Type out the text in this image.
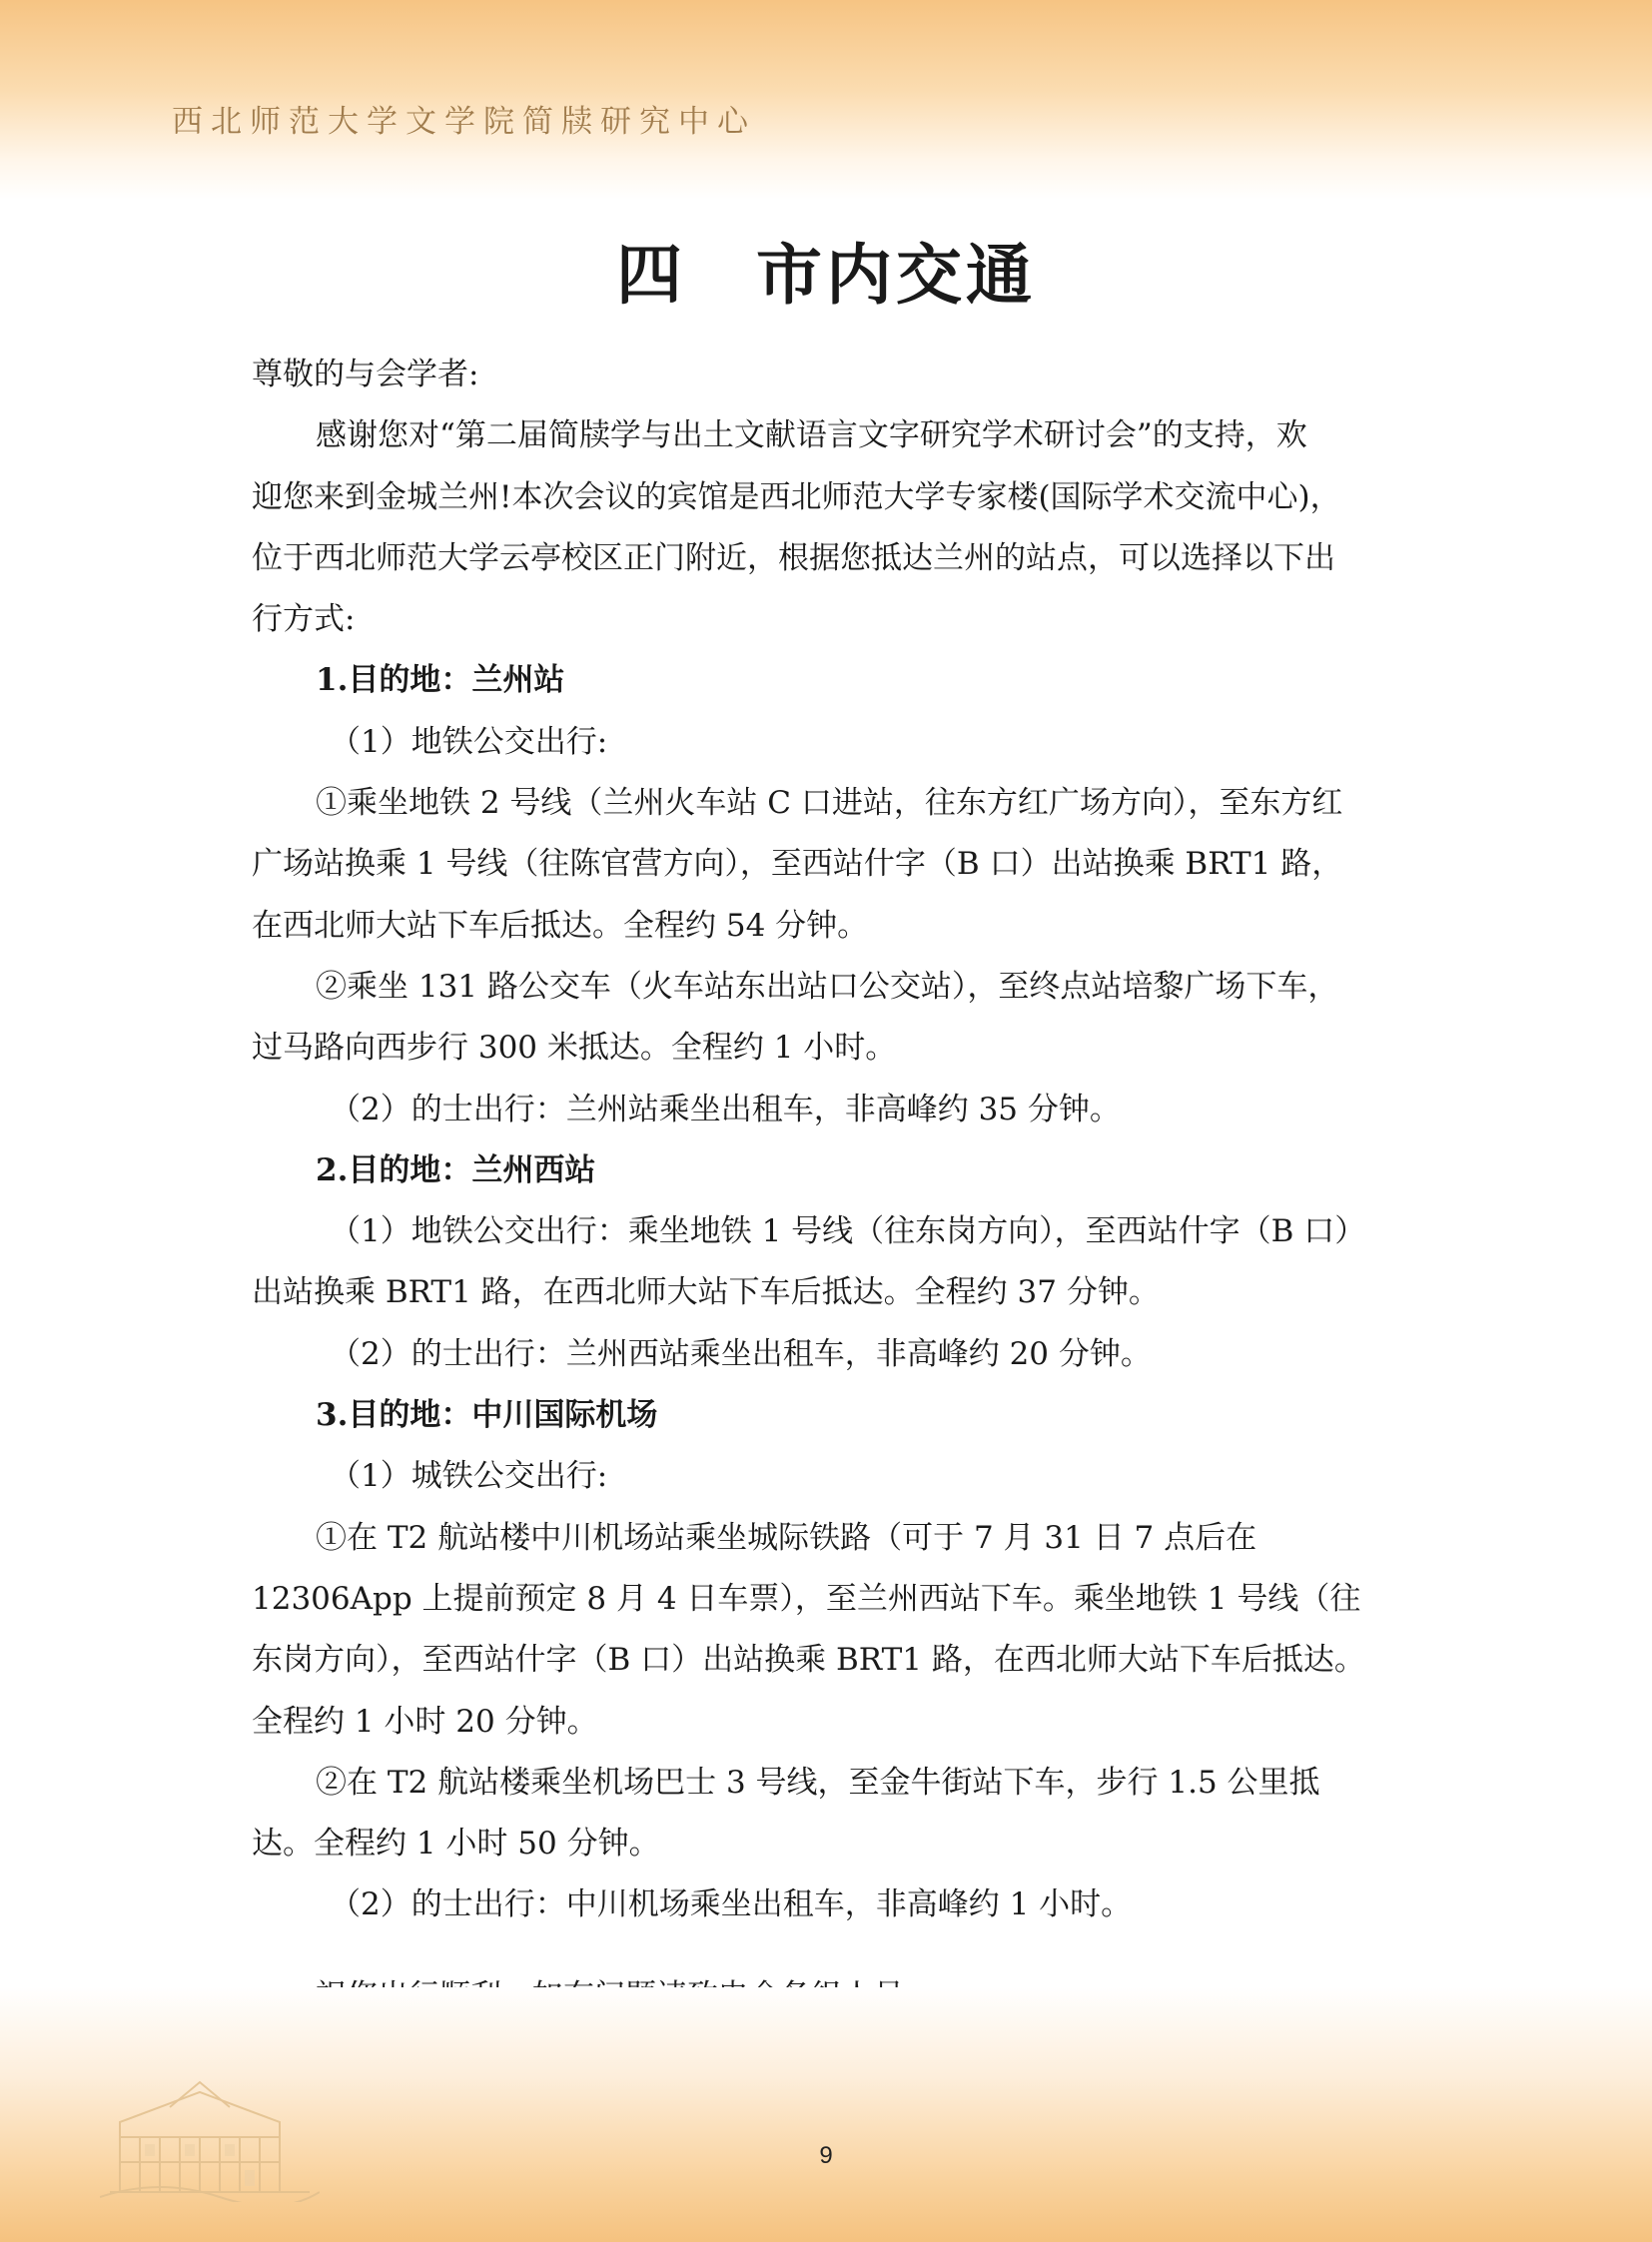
西北师范大学文学院简牍研究中心
四 市内交通

尊敬的与会学者:

感谢您对“第二届简牍学与出土文献语言文字研究学术研讨会”的支持，欢

迎您来到金城兰州!本次会议的宾馆是西北师范大学专家楼(国际学术交流中心)，

位于西北师范大学云亭校区正门附近，根据您抵达兰州的站点，可以选择以下出

行方式:

1.目的地：兰州站

（1）地铁公交出行:

①乘坐地铁 2 号线（兰州火车站 C 口进站，往东方红广场方向），至东方红

广场站换乘 1 号线（往陈官营方向），至西站什字（B 口）出站换乘 BRT1 路，

在西北师大站下车后抵达。全程约 54 分钟。

②乘坐 131 路公交车（火车站东出站口公交站），至终点站培黎广场下车，

过马路向西步行 300 米抵达。全程约 1 小时。

（2）的士出行：兰州站乘坐出租车，非高峰约 35 分钟。

2.目的地：兰州西站

（1）地铁公交出行：乘坐地铁 1 号线（往东岗方向），至西站什字（B 口）

出站换乘 BRT1 路，在西北师大站下车后抵达。全程约 37 分钟。

（2）的士出行：兰州西站乘坐出租车，非高峰约 20 分钟。

3.目的地：中川国际机场

（1）城铁公交出行:

①在 T2 航站楼中川机场站乘坐城际铁路（可于 7 月 31 日 7 点后在

12306App 上提前预定 8 月 4 日车票），至兰州西站下车。乘坐地铁 1 号线（往

东岗方向），至西站什字（B 口）出站换乘 BRT1 路，在西北师大站下车后抵达。

全程约 1 小时 20 分钟。

②在 T2 航站楼乘坐机场巴士 3 号线，至金牛街站下车，步行 1.5 公里抵

达。全程约 1 小时 50 分钟。

（2）的士出行：中川机场乘坐出租车，非高峰约 1 小时。

9
